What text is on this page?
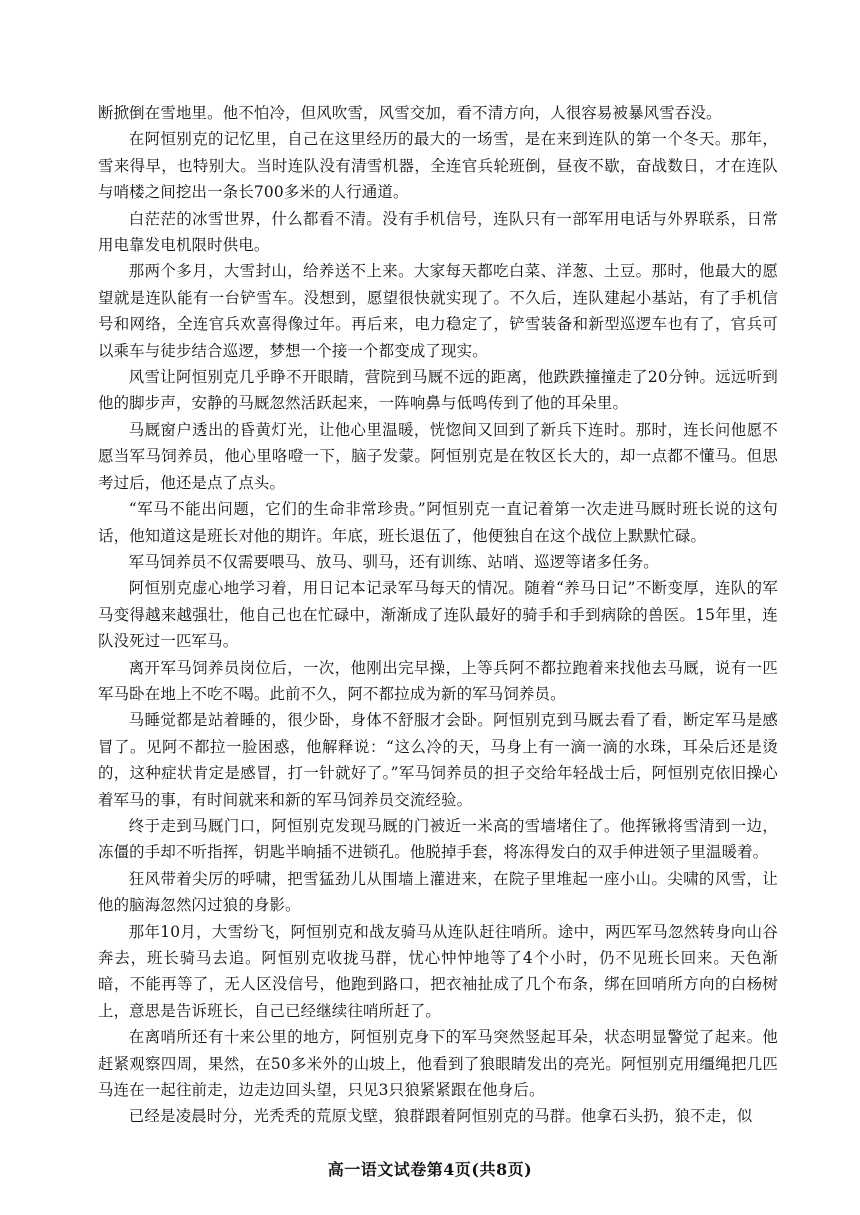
断掀倒在雪地里。他不怕冷，但风吹雪，风雪交加，看不清方向，人很容易被暴风雪吞没。

在阿恒别克的记忆里，自己在这里经历的最大的一场雪，是在来到连队的第一个冬天。那年，雪来得早，也特别大。当时连队没有清雪机器，全连官兵轮班倒，昼夜不歇，奋战数日，才在连队与哨楼之间挖出一条长700多米的人行通道。

白茫茫的冰雪世界，什么都看不清。没有手机信号，连队只有一部军用电话与外界联系，日常用电靠发电机限时供电。

那两个多月，大雪封山，给养送不上来。大家每天都吃白菜、洋葱、土豆。那时，他最大的愿望就是连队能有一台铲雪车。没想到，愿望很快就实现了。不久后，连队建起小基站，有了手机信号和网络，全连官兵欢喜得像过年。再后来，电力稳定了，铲雪装备和新型巡逻车也有了，官兵可以乘车与徒步结合巡逻，梦想一个接一个都变成了现实。

风雪让阿恒别克几乎睁不开眼睛，营院到马厩不远的距离，他跌跌撞撞走了20分钟。远远听到他的脚步声，安静的马厩忽然活跃起来，一阵响鼻与低鸣传到了他的耳朵里。

马厩窗户透出的昏黄灯光，让他心里温暖，恍惚间又回到了新兵下连时。那时，连长问他愿不愿当军马饲养员，他心里咯噔一下，脑子发蒙。阿恒别克是在牧区长大的，却一点都不懂马。但思考过后，他还是点了点头。

“军马不能出问题，它们的生命非常珍贵。”阿恒别克一直记着第一次走进马厩时班长说的这句话，他知道这是班长对他的期许。年底，班长退伍了，他便独自在这个战位上默默忙碌。

军马饲养员不仅需要喂马、放马、驯马，还有训练、站哨、巡逻等诸多任务。

阿恒别克虚心地学习着，用日记本记录军马每天的情况。随着“养马日记”不断变厚，连队的军马变得越来越强壮，他自己也在忙碌中，渐渐成了连队最好的骑手和手到病除的兽医。15年里，连队没死过一匹军马。

离开军马饲养员岗位后，一次，他刚出完早操，上等兵阿不都拉跑着来找他去马厩，说有一匹军马卧在地上不吃不喝。此前不久，阿不都拉成为新的军马饲养员。

马睡觉都是站着睡的，很少卧，身体不舒服才会卧。阿恒别克到马厩去看了看，断定军马是感冒了。见阿不都拉一脸困惑，他解释说：“这么冷的天，马身上有一滴一滴的水珠，耳朵后还是烫的，这种症状肯定是感冒，打一针就好了。”军马饲养员的担子交给年轻战士后，阿恒别克依旧操心着军马的事，有时间就来和新的军马饲养员交流经验。

终于走到马厩门口，阿恒别克发现马厩的门被近一米高的雪墙堵住了。他挥锹将雪清到一边，冻僵的手却不听指挥，钥匙半晌插不进锁孔。他脱掉手套，将冻得发白的双手伸进领子里温暖着。

狂风带着尖厉的呼啸，把雪猛劲儿从围墙上灌进来，在院子里堆起一座小山。尖啸的风雪，让他的脑海忽然闪过狼的身影。

那年10月，大雪纷飞，阿恒别克和战友骑马从连队赶往哨所。途中，两匹军马忽然转身向山谷奔去，班长骑马去追。阿恒别克收拢马群，忧心忡忡地等了4个小时，仍不见班长回来。天色渐暗，不能再等了，无人区没信号，他跑到路口，把衣袖扯成了几个布条，绑在回哨所方向的白杨树上，意思是告诉班长，自己已经继续往哨所赶了。

在离哨所还有十来公里的地方，阿恒别克身下的军马突然竖起耳朵，状态明显警觉了起来。他赶紧观察四周，果然，在50多米外的山坡上，他看到了狼眼睛发出的亮光。阿恒别克用缰绳把几匹马连在一起往前走，边走边回头望，只见3只狼紧紧跟在他身后。

已经是凌晨时分，光秃秃的荒原戈壁，狼群跟着阿恒别克的马群。他拿石头扔，狼不走，似

高一语文试卷第4页(共8页)
